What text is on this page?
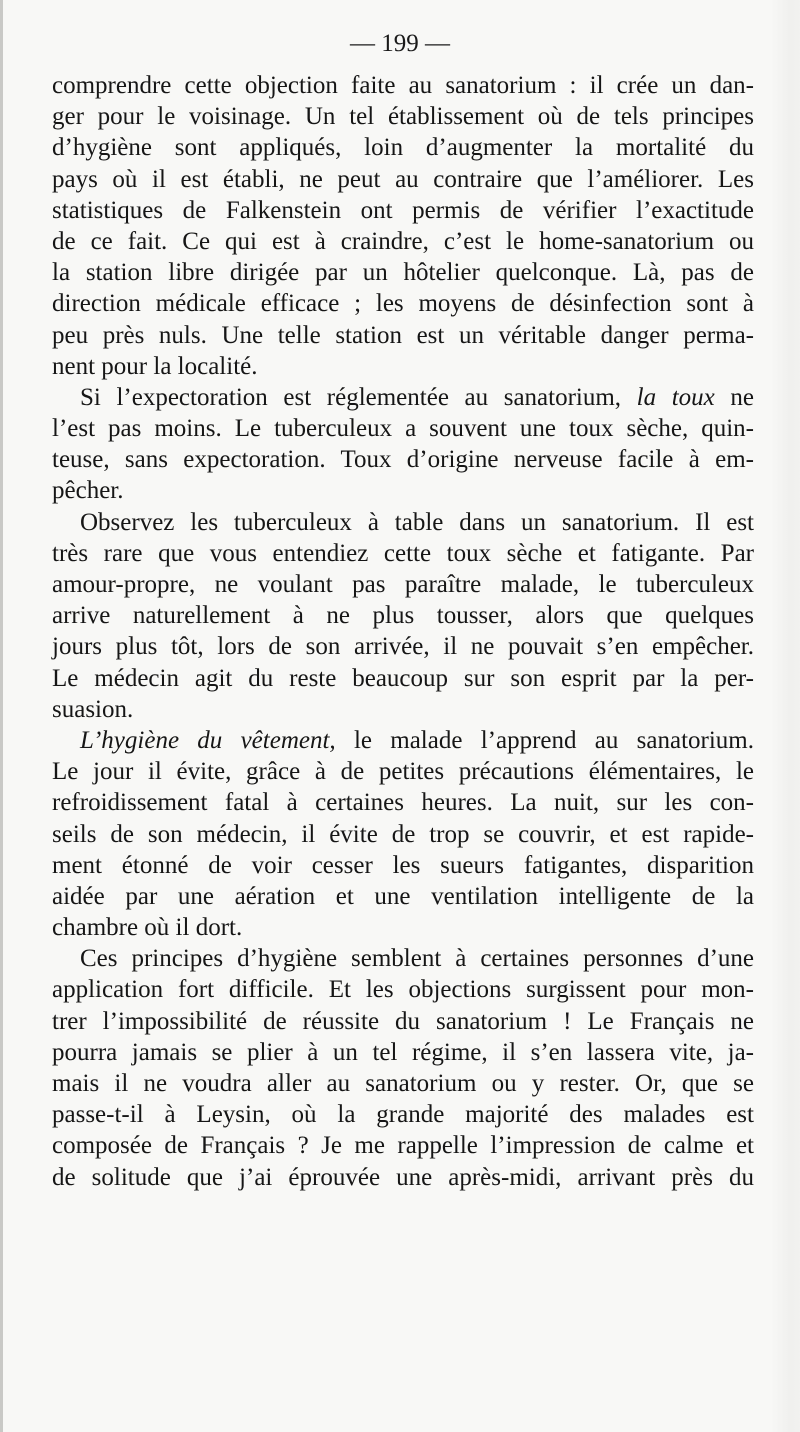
— 199 —
comprendre cette objection faite au sanatorium : il crée un dan-
ger pour le voisinage. Un tel établissement où de tels principes
d’hygiène sont appliqués, loin d’augmenter la mortalité du
pays où il est établi, ne peut au contraire que l’améliorer. Les
statistiques de Falkenstein ont permis de vérifier l’exactitude
de ce fait. Ce qui est à craindre, c’est le home-sanatorium ou
la station libre dirigée par un hôtelier quelconque. Là, pas de
direction médicale efficace ; les moyens de désinfection sont à
peu près nuls. Une telle station est un véritable danger perma-
nent pour la localité.
Si l’expectoration est réglementée au sanatorium, la toux ne
l’est pas moins. Le tuberculeux a souvent une toux sèche, quin-
teuse, sans expectoration. Toux d’origine nerveuse facile à em-
pêcher.
Observez les tuberculeux à table dans un sanatorium. Il est
très rare que vous entendiez cette toux sèche et fatigante. Par
amour-propre, ne voulant pas paraître malade, le tuberculeux
arrive naturellement à ne plus tousser, alors que quelques
jours plus tôt, lors de son arrivée, il ne pouvait s’en empêcher.
Le médecin agit du reste beaucoup sur son esprit par la per-
suasion.
L’hygiène du vêtement, le malade l’apprend au sanatorium.
Le jour il évite, grâce à de petites précautions élémentaires, le
refroidissement fatal à certaines heures. La nuit, sur les con-
seils de son médecin, il évite de trop se couvrir, et est rapide-
ment étonné de voir cesser les sueurs fatigantes, disparition
aidée par une aération et une ventilation intelligente de la
chambre où il dort.
Ces principes d’hygiène semblent à certaines personnes d’une
application fort difficile. Et les objections surgissent pour mon-
trer l’impossibilité de réussite du sanatorium ! Le Français ne
pourra jamais se plier à un tel régime, il s’en lassera vite, ja-
mais il ne voudra aller au sanatorium ou y rester. Or, que se
passe-t-il à Leysin, où la grande majorité des malades est
composée de Français ? Je me rappelle l’impression de calme et
de solitude que j’ai éprouvée une après-midi, arrivant près du
